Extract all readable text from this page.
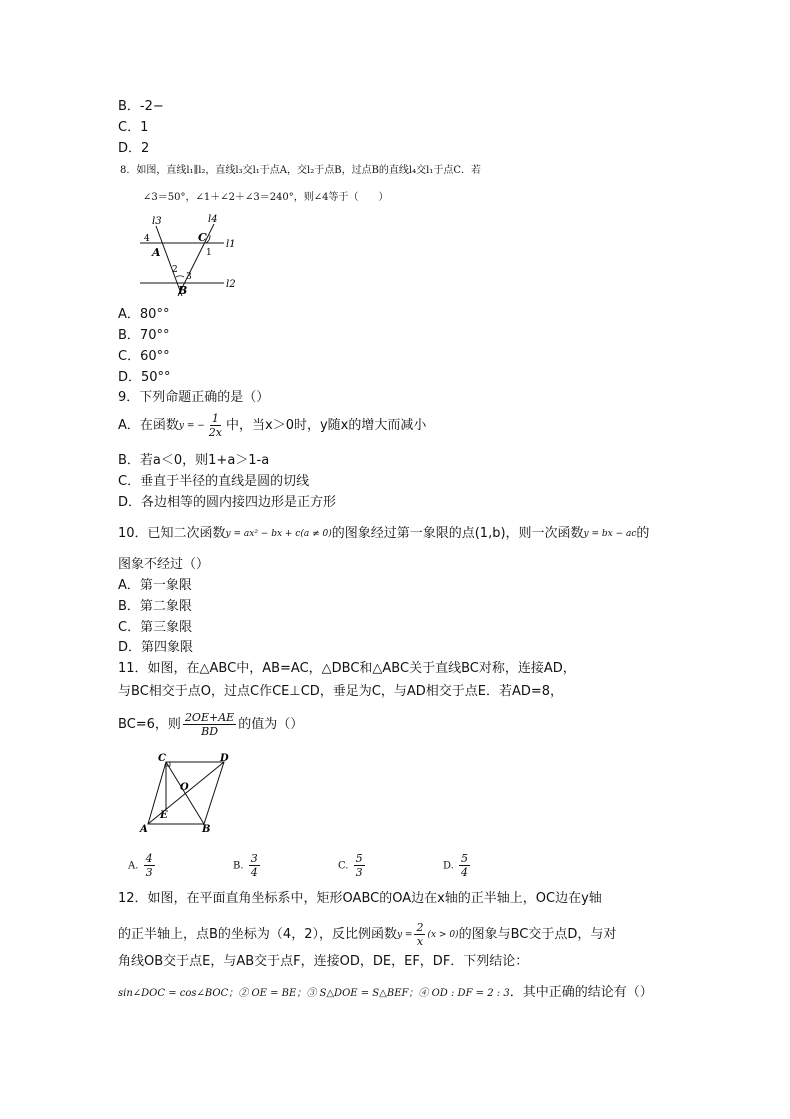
B．-2−
C．1
D．2
8．如图，直线l₁∥l₂，直线l₃交l₁于点A，交l₂于点B，过点B的直线l₄交l₁于点C．若
∠3＝50°，∠1＋∠2＋∠3＝240°，则∠4等于（　　）
l3	l4
l1
l2
A
B
C
1
2
3
4
A．80°°
B．70°°
C．60°°
D．50°°
9．下列命题正确的是（）
A．在函数$^{y = -} \frac{1}{2x}$ 中，当x＞0时，y随x的增大而减小
B．若a＜0，则1+a＞1-a
C．垂直于半径的直线是圆的切线
D．各边相等的圆内接四边形是正方形
10．已知二次函数$^{y = ax^2 - bx + c(a \ne 0)}$的图象经过第一象限的点(1,b)，则一次函数$^{y = bx - ac}$的
图象不经过（）
A．第一象限
B．第二象限
C．第三象限
D．第四象限
11．如图，在△ABC中，AB=AC，△DBC和△ABC关于直线BC对称，连接AD，
与BC相交于点O，过点C作CE⊥CD，垂足为C，与AD相交于点E．若AD=8，
BC=6，则 $\frac{2OE+AE}{BD}$ 的值为（）
C	D
O
E
A	B
A. $\frac{4}{3}$	B. $\frac{3}{4}$	C. $\frac{5}{3}$	D. $\frac{5}{4}$
12．如图，在平面直角坐标系中，矩形OABC的OA边在x轴的正半轴上，OC边在y轴
的正半轴上，点B的坐标为（4，2），反比例函数$^{y =} \frac{2}{x} ^{(x > 0)}$的图象与BC交于点D，与对
角线OB交于点E，与AB交于点F，连接OD，DE，EF，DF．下列结论：
sin∠DOC = cos∠BOC；② OE = BE；③ S△DOE = S△BEF；④ OD : DF = 2 : 3．其中正确的结论有（）
